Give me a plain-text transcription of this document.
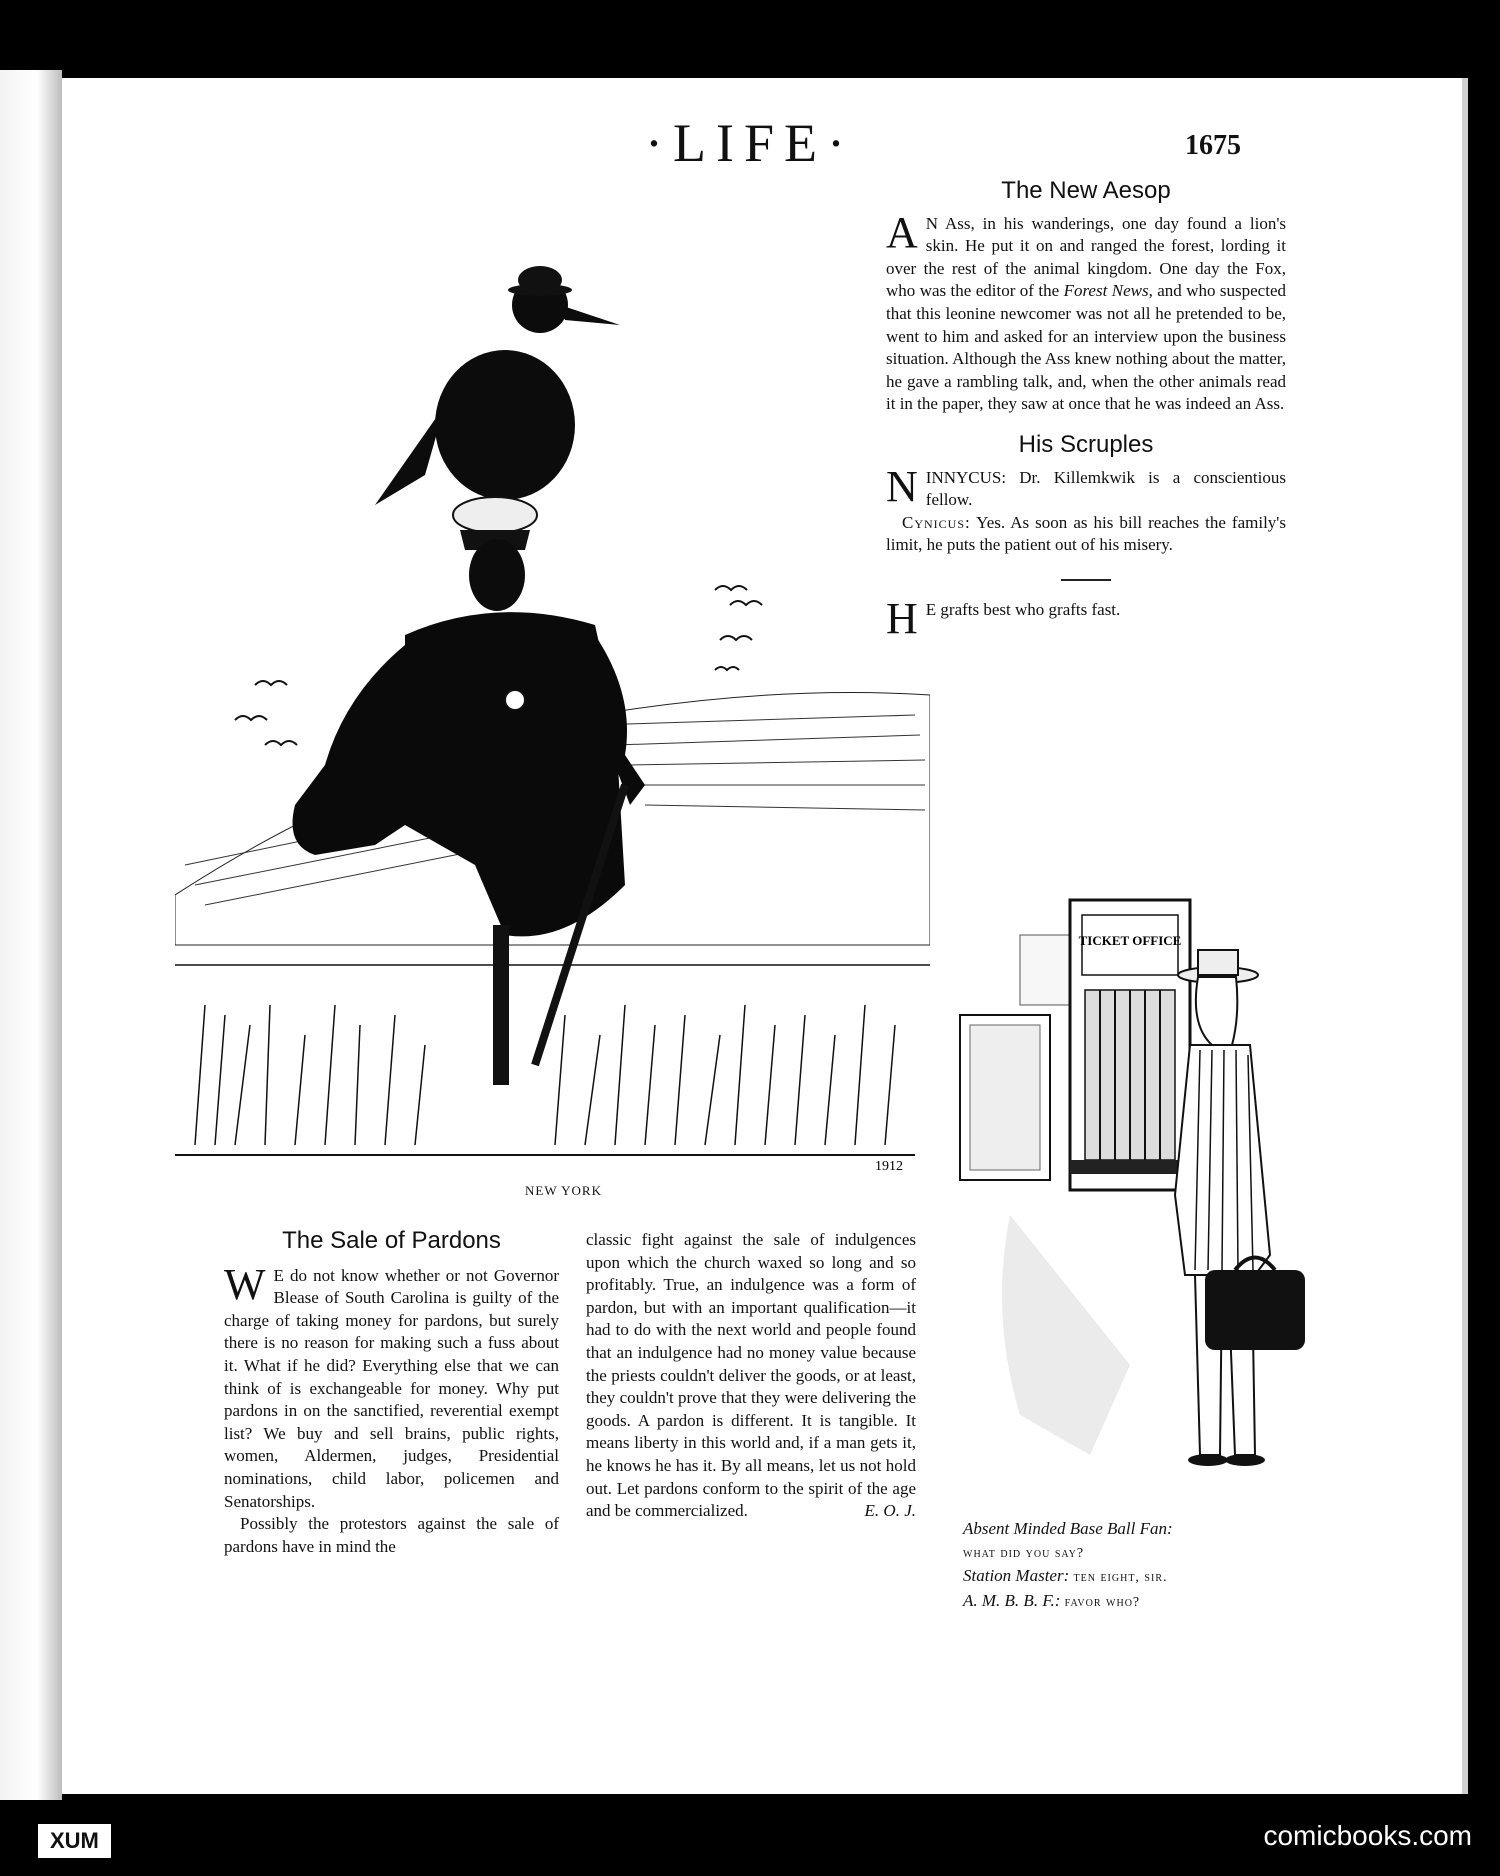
·LIFE·	1675
1912
NEW YORK
The New Aesop

A N Ass, in his wanderings, one day found a lion's skin. He put it on and ranged the forest, lording it over the rest of the animal kingdom. One day the Fox, who was the editor of the Forest News, and who suspected that this leonine newcomer was not all he pretended to be, went to him and asked for an interview upon the business situation. Although the Ass knew nothing about the matter, he gave a rambling talk, and, when the other animals read it in the paper, they saw at once that he was indeed an Ass.

His Scruples

NINNYCUS: Dr. Killemkwik is a conscientious fellow.

Cynicus: Yes. As soon as his bill reaches the family's limit, he puts the patient out of his misery.

H E grafts best who grafts fast.

TICKET OFFICE
Absent Minded Base Ball Fan:
what did you say?
Station Master: ten eight, sir.
A. M. B. B. F.: favor who?
The Sale of Pardons

W E do not know whether or not Governor Blease of South Carolina is guilty of the charge of taking money for pardons, but surely there is no reason for making such a fuss about it. What if he did? Everything else that we can think of is exchangeable for money. Why put pardons in on the sanctified, reverential exempt list? We buy and sell brains, public rights, women, Aldermen, judges, Presidential nominations, child labor, policemen and Senatorships.

Possibly the protestors against the sale of pardons have in mind the

classic fight against the sale of indulgences upon which the church waxed so long and so profitably. True, an indulgence was a form of pardon, but with an important qualification—it had to do with the next world and people found that an indulgence had no money value because the priests couldn't deliver the goods, or at least, they couldn't prove that they were delivering the goods. A pardon is different. It is tangible. It means liberty in this world and, if a man gets it, he knows he has it. By all means, let us not hold out. Let pardons conform to the spirit of the age and be commercialized.	E. O. J.

XUM	comicbooks.com
